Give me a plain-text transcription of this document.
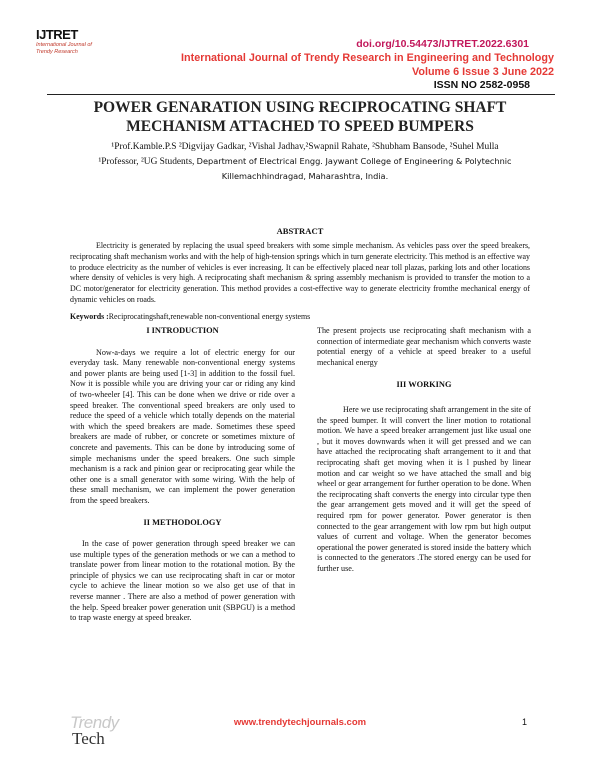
IJTRET
International Journal of Trendy Research
doi.org/10.54473/IJTRET.2022.6301
International Journal of Trendy Research in Engineering and Technology
Volume 6 Issue 3 June 2022
ISSN NO 2582-0958
POWER GENARATION USING RECIPROCATING SHAFT
MECHANISM ATTACHED TO SPEED BUMPERS
¹Prof.Kamble.P.S ²Digvijay Gadkar, ²Vishal Jadhav,²Swapnil Rahate, ²Shubham Bansode, ²Suhel Mulla
¹Professor, ²UG Students, Department of Electrical Engg. Jaywant College of Engineering & Polytechnic
Killemachhindragad, Maharashtra, India.
ABSTRACT
Electricity is generated by replacing the usual speed breakers with some simple mechanism. As vehicles pass over the speed breakers, reciprocating shaft mechanism works and with the help of high-tension springs which in turn generate electricity. This method is an effective way to produce electricity as the number of vehicles is ever increasing. It can be effectively placed near toll plazas, parking lots and other locations where density of vehicles is very high. A reciprocating shaft mechanism & spring assembly mechanism is provided to transfer the motion to a DC motor/generator for electricity generation. This method provides a cost-effective way to generate electricity fromthe mechanical energy of dynamic vehicles on roads.
Keywords :Reciprocatingshaft,renewable non-conventional energy systems
I INTRODUCTION
Now-a-days we require a lot of electric energy for our everyday task. Many renewable non-conventional energy systems and power plants are being used [1-3] in addition to the fossil fuel. Now it is possible while you are driving your car or riding any kind of two-wheeler [4]. This can be done when we drive or ride over a speed breaker. The conventional speed breakers are only used to reduce the speed of a vehicle which totally depends on the material with which the speed breakers are made. Sometimes these speed breakers are made of rubber, or concrete or sometimes mixture of concrete and pavements. This can be done by introducing some of simple mechanisms under the speed breakers. One such simple mechanism is a rack and pinion gear or reciprocating gear while the other one is a small generator with some wiring. With the help of these small mechanism, we can implement the power generation from the speed breakers.
II METHODOLOGY
In the case of power generation through speed breaker we can use multiple types of the generation methods or we can a method to translate power from linear motion to the rotational motion. By the principle of physics we can use reciprocating shaft in car or motor cycle to achieve the linear motion so we also get use of that in reverse manner . There are also a method of power generation with the help. Speed breaker power generation unit (SBPGU) is a method to trap waste energy at speed breaker.
The present projects use reciprocating shaft mechanism with a connection of intermediate gear mechanism which converts waste potential energy of a vehicle at speed breaker to a useful mechanical energy
III WORKING
Here we use reciprocating shaft arrangement in the site of the speed bumper. It will convert the liner motion to rotational motion. We have a speed breaker arrangement just like usual one , but it moves downwards when it will get pressed and we can have attached the reciprocating shaft arrangement to it and that reciprocating shaft get moving when it is l pushed by linear motion and car weight so we have attached the small and big wheel or gear arrangement for further operation to be done. When the reciprocating shaft converts the energy into circular type then the gear arrangement gets moved and it will get the speed of required rpm for power generator. Power generator is then connected to the gear arrangement with low rpm but high output values of current and voltage. When the generator becomes operational the power generated is stored inside the battery which is connected to the generators .The stored energy can be used for further use.
Trendy
Tech
www.trendytechjournals.com	1
